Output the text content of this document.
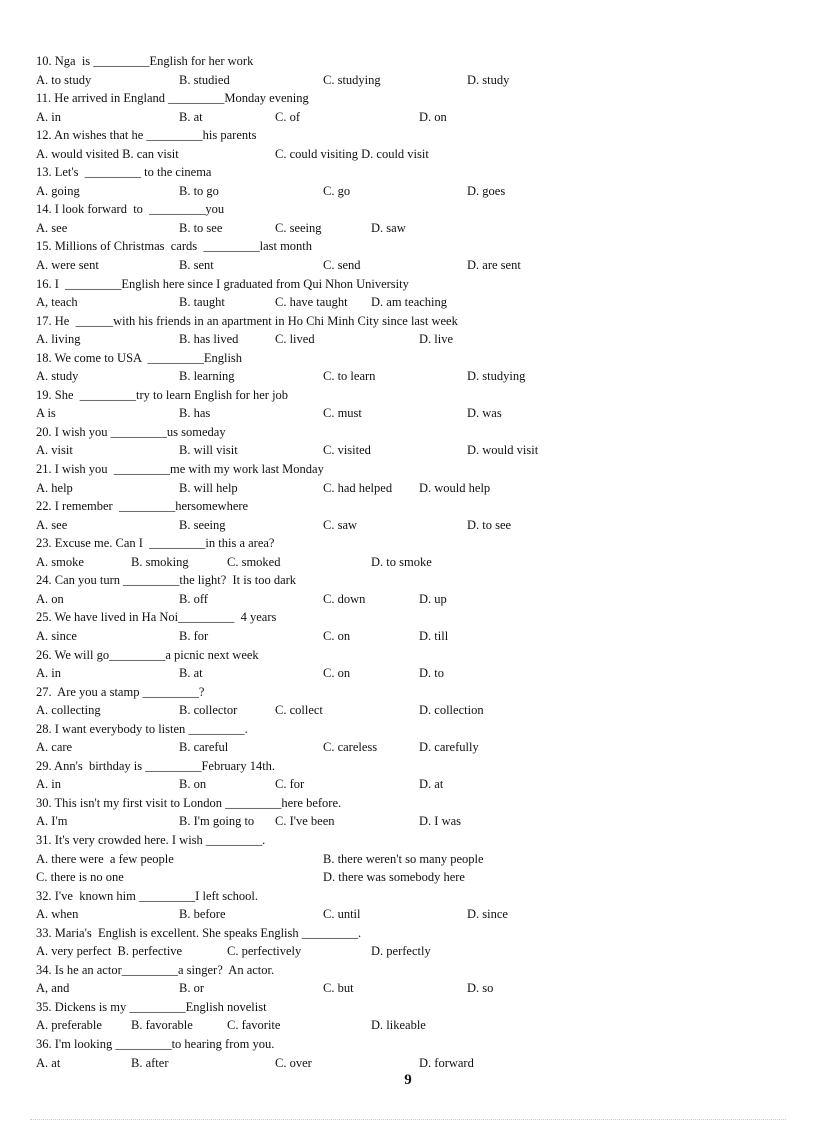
10. Nga  is _________English for her work
A. to study	B. studied	C. studying	D. study
11. He arrived in England _________Monday evening
A. in	B. at	C. of	D. on
12. An wishes that he _________his parents
A. would visited B. can visit	C. could visiting D. could visit
13. Let's  _________ to the cinema
A. going	B. to go	C. go	D. goes
14. I look forward  to  _________you
A. see	B. to see	C. seeing	D. saw
15. Millions of Christmas  cards  _________last month
A. were sent	B. sent	C. send	D. are sent
16. I  _________English here since I graduated from Qui Nhon University
A, teach	B. taught	C. have taught D. am teaching
17. He  ______with his friends in an apartment in Ho Chi Minh City since last week
A. living	B. has lived	C. lived	D. live
18. We come to USA  _________English
A. study	B. learning	C. to learn	D. studying
19. She  _________try to learn English for her job
A is	B. has	C. must	D. was
20. I wish you _________us someday
A. visit	B. will visit	C. visited	D. would visit
21. I wish you  _________me with my work last Monday
A. help	B. will help	C. had helped D. would help
22. I remember  _________hersomewhere
A. see	B. seeing	C. saw	D. to see
23. Excuse me. Can I  _________in this a area?
A. smoke	B. smoking	C. smoked	D. to smoke
24. Can you turn _________the light?  It is too dark
A. on	B. off	C. down	D. up
25. We have lived in Ha Noi_________  4 years
A. since	B. for	C. on	D. till
26. We will go_________a picnic next week
A. in	B. at	C. on	D. to
27.  Are you a stamp _________?
A. collecting	B. collector	C. collect	D. collection
28. I want everybody to listen _________.
A. care	B. careful	C. careless	D. carefully
29. Ann's  birthday is _________February 14th.
A. in	B. on	C. for	D. at
30. This isn't my first visit to London _________here before.
A. I'm	B. I'm going to C. I've been	D. I was
31. It's very crowded here. I wish _________.
A. there were  a few people	B. there weren't so many people
C. there is no one	D. there was somebody here
32. I've  known him _________I left school.
A. when	B. before	C. until	D. since
33. Maria's  English is excellent. She speaks English _________.
A. very perfect  B. perfective	C. perfectively	D. perfectly
34. Is he an actor_________a singer?  An actor.
A, and	B. or	C. but	D. so
35. Dickens is my _________English novelist
A. preferable B. favorable	C. favorite	D. likeable
36. I'm looking _________to hearing from you.
A. at	B. after	C. over	D. forward
9
